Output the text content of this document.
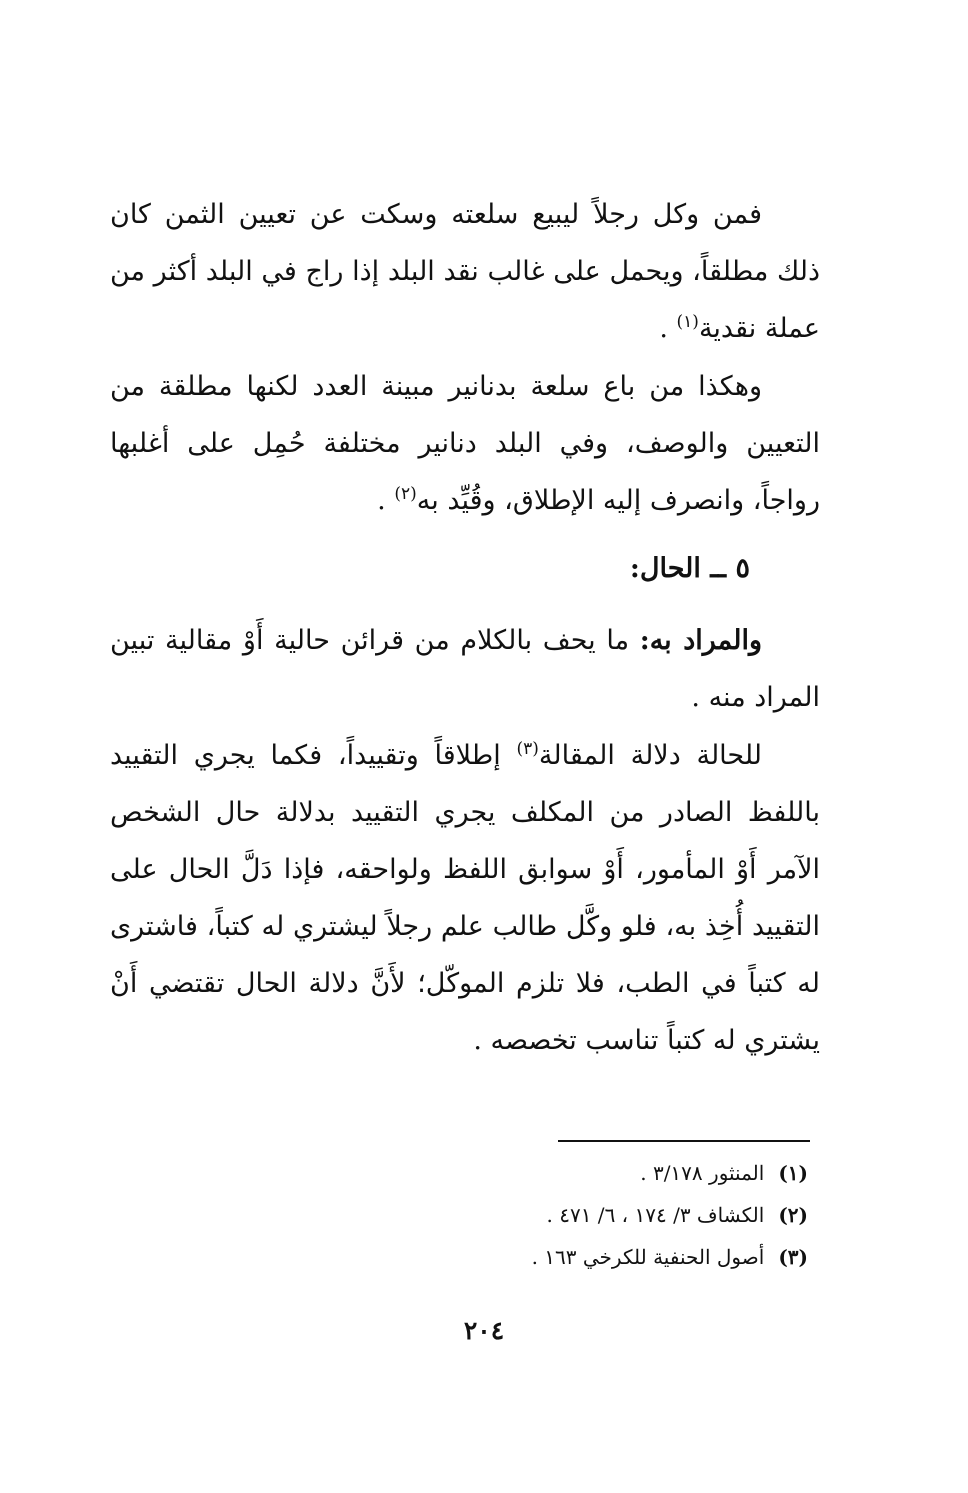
فمن وكل رجلاً ليبيع سلعته وسكت عن تعيين الثمن كان ذلك مطلقاً، ويحمل على غالب نقد البلد إذا راج في البلد أكثر من عملة نقدية$^{(١)}$ .

وهكذا من باع سلعة بدنانير مبينة العدد لكنها مطلقة من التعيين والوصف، وفي البلد دنانير مختلفة حُمِل على أغلبها رواجاً، وانصرف إليه الإطلاق، وقُيِّد به$^{(٢)}$ .

٥ ــ الحال:

والمراد به: ما يحف بالكلام من قرائن حالية أَوْ مقالية تبين المراد منه .

للحالة دلالة المقالة$^{(٣)}$ إطلاقاً وتقييداً، فكما يجري التقييد باللفظ الصادر من المكلف يجري التقييد بدلالة حال الشخص الآمر أَوْ المأمور، أَوْ سوابق اللفظ ولواحقه، فإذا دَلَّ الحال على التقييد أُخِذ به، فلو وكَّل طالب علم رجلاً ليشتري له كتباً، فاشترى له كتباً في الطب، فلا تلزم الموكّل؛ لأَنَّ دلالة الحال تقتضي أَنْ يشتري له كتباً تناسب تخصصه .

(١)المنثور ٣/١٧٨ .
(٢)الكشاف ٣/ ١٧٤ ، ٦/ ٤٧١ .
(٣)أصول الحنفية للكرخي ١٦٣ .
٢٠٤
